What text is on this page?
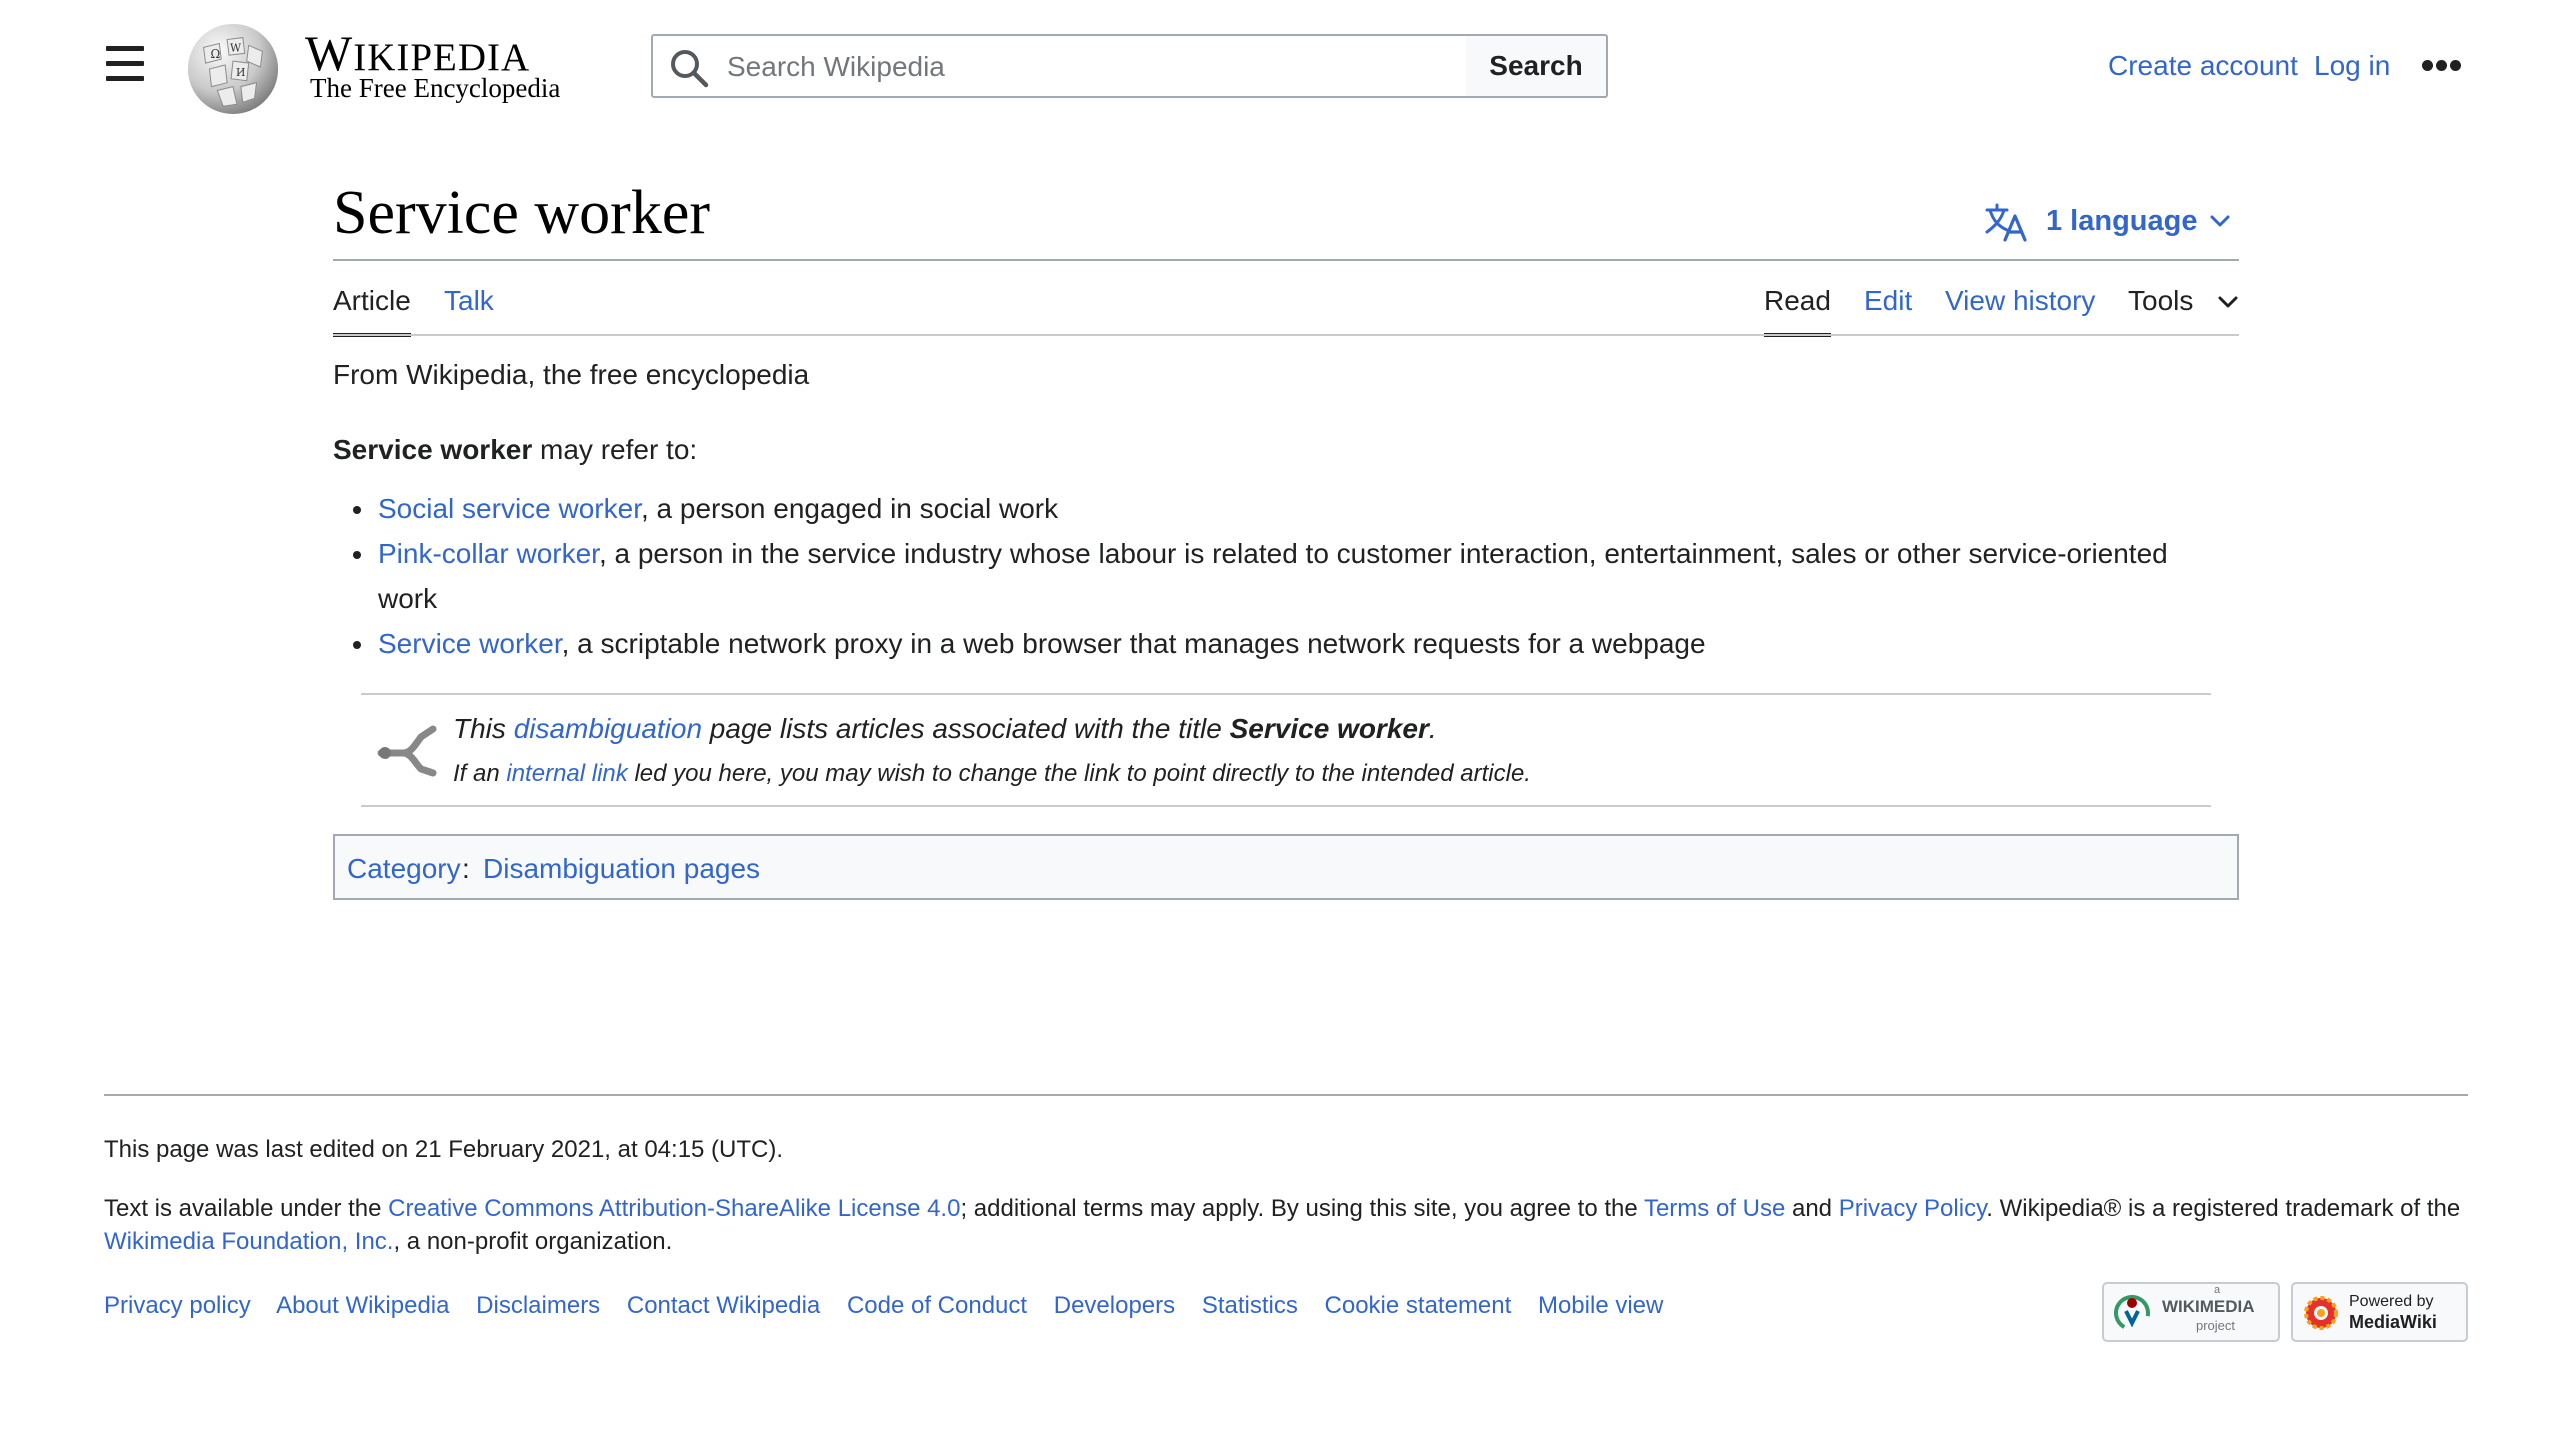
Ω W
И WIKIPEDIA
The Free Encyclopedia
Search Wikipedia
Search	Create account Log in
Service worker	1 language
Article Talk	Read Edit View history Tools
From Wikipedia, the free encyclopedia

Service worker may refer to:

Social service worker, a person engaged in social work
Pink-collar worker, a person in the service industry whose labour is related to customer interaction, entertainment, sales or other service-oriented work
Service worker, a scriptable network proxy in a web browser that manages network requests for a webpage
This disambiguation page lists articles associated with the title Service worker.
If an internal link led you here, you may wish to change the link to point directly to the intended article.
Category : Disambiguation pages
This page was last edited on 21 February 2021, at 04:15 (UTC).
Text is available under the Creative Commons Attribution-ShareAlike License 4.0; additional terms may apply. By using this site, you agree to the Terms of Use and Privacy Policy. Wikipedia® is a registered trademark of the Wikimedia Foundation, Inc., a non-profit organization.
Privacy policy About Wikipedia Disclaimers Contact Wikipedia Code of Conduct Developers Statistics Cookie statement Mobile view
a
WIKIMEDIA
project
Powered by
MediaWiki
